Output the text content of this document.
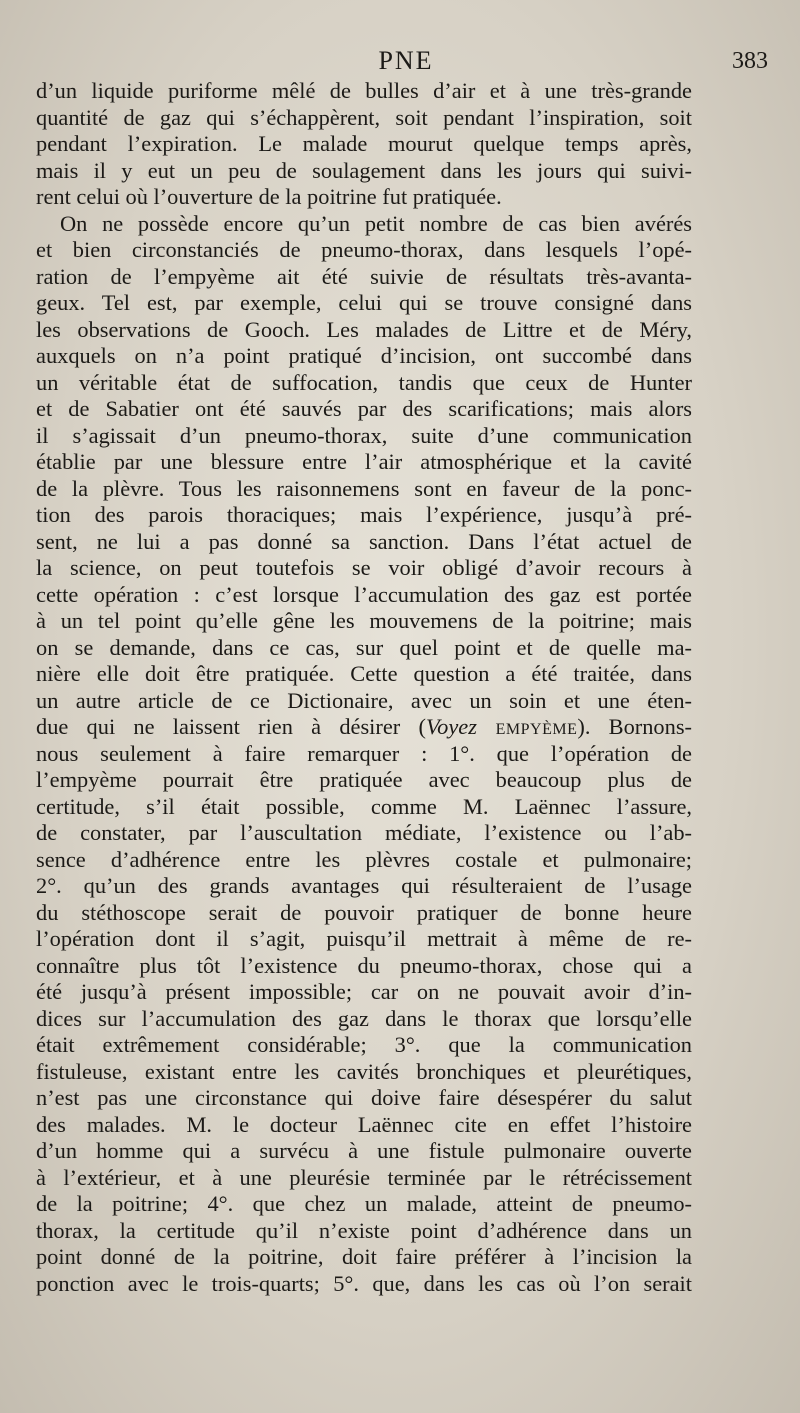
PNE	383
d’un liquide puriforme mêlé de bulles d’air et à une très-grande
quantité de gaz qui s’échappèrent, soit pendant l’inspiration, soit
pendant l’expiration. Le malade mourut quelque temps après,
mais il y eut un peu de soulagement dans les jours qui suivi-
rent celui où l’ouverture de la poitrine fut pratiquée.
On ne possède encore qu’un petit nombre de cas bien avérés
et bien circonstanciés de pneumo-thorax, dans lesquels l’opé-
ration de l’empyème ait été suivie de résultats très-avanta-
geux. Tel est, par exemple, celui qui se trouve consigné dans
les observations de Gooch. Les malades de Littre et de Méry,
auxquels on n’a point pratiqué d’incision, ont succombé dans
un véritable état de suffocation, tandis que ceux de Hunter
et de Sabatier ont été sauvés par des scarifications; mais alors
il s’agissait d’un pneumo-thorax, suite d’une communication
établie par une blessure entre l’air atmosphérique et la cavité
de la plèvre. Tous les raisonnemens sont en faveur de la ponc-
tion des parois thoraciques; mais l’expérience, jusqu’à pré-
sent, ne lui a pas donné sa sanction. Dans l’état actuel de
la science, on peut toutefois se voir obligé d’avoir recours à
cette opération : c’est lorsque l’accumulation des gaz est portée
à un tel point qu’elle gêne les mouvemens de la poitrine; mais
on se demande, dans ce cas, sur quel point et de quelle ma-
nière elle doit être pratiquée. Cette question a été traitée, dans
un autre article de ce Dictionaire, avec un soin et une éten-
due qui ne laissent rien à désirer (Voyez empyème). Bornons-
nous seulement à faire remarquer : 1°. que l’opération de
l’empyème pourrait être pratiquée avec beaucoup plus de
certitude, s’il était possible, comme M. Laënnec l’assure,
de constater, par l’auscultation médiate, l’existence ou l’ab-
sence d’adhérence entre les plèvres costale et pulmonaire;
2°. qu’un des grands avantages qui résulteraient de l’usage
du stéthoscope serait de pouvoir pratiquer de bonne heure
l’opération dont il s’agit, puisqu’il mettrait à même de re-
connaître plus tôt l’existence du pneumo-thorax, chose qui a
été jusqu’à présent impossible; car on ne pouvait avoir d’in-
dices sur l’accumulation des gaz dans le thorax que lorsqu’elle
était extrêmement considérable; 3°. que la communication
fistuleuse, existant entre les cavités bronchiques et pleurétiques,
n’est pas une circonstance qui doive faire désespérer du salut
des malades. M. le docteur Laënnec cite en effet l’histoire
d’un homme qui a survécu à une fistule pulmonaire ouverte
à l’extérieur, et à une pleurésie terminée par le rétrécissement
de la poitrine; 4°. que chez un malade, atteint de pneumo-
thorax, la certitude qu’il n’existe point d’adhérence dans un
point donné de la poitrine, doit faire préférer à l’incision la
ponction avec le trois-quarts; 5°. que, dans les cas où l’on serait
